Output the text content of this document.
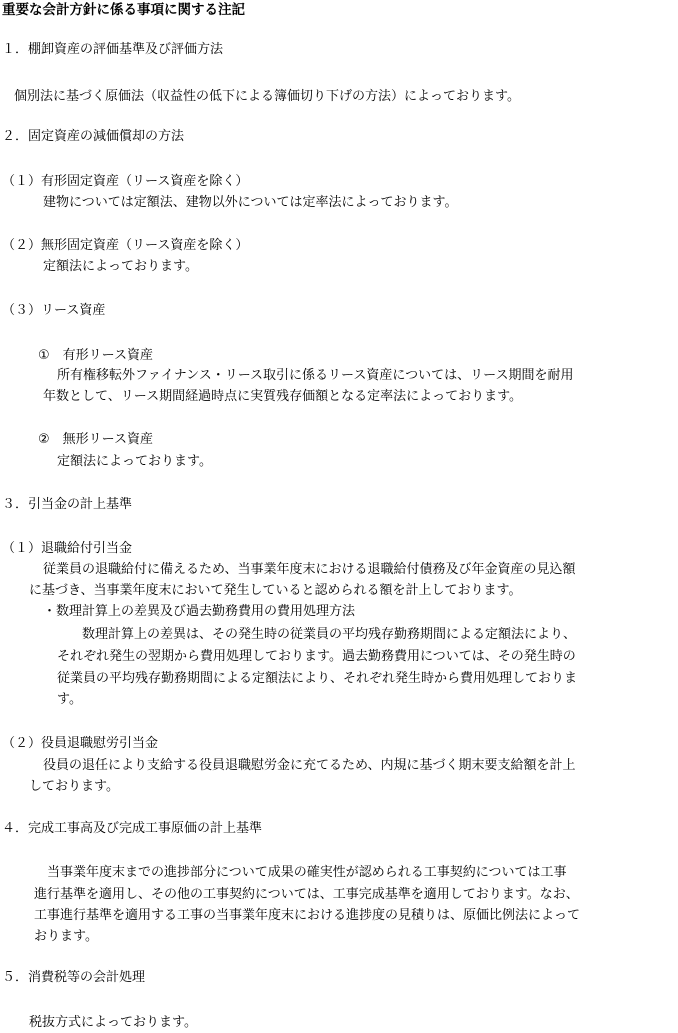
重要な会計方針に係る事項に関する注記

１．棚卸資産の評価基準及び評価方法

個別法に基づく原価法（収益性の低下による簿価切り下げの方法）によっております。

２．固定資産の減価償却の方法

（１）有形固定資産（リース資産を除く）

建物については定額法、建物以外については定率法によっております。

（２）無形固定資産（リース資産を除く）

定額法によっております。

（３）リース資産

①　有形リース資産

所有権移転外ファイナンス・リース取引に係るリース資産については、リース期間を耐用

年数として、リース期間経過時点に実質残存価額となる定率法によっております。

②　無形リース資産

定額法によっております。

３．引当金の計上基準

（１）退職給付引当金

従業員の退職給付に備えるため、当事業年度末における退職給付債務及び年金資産の見込額

に基づき、当事業年度末において発生していると認められる額を計上しております。

・数理計算上の差異及び過去勤務費用の費用処理方法

数理計算上の差異は、その発生時の従業員の平均残存勤務期間による定額法により、

それぞれ発生の翌期から費用処理しております。過去勤務費用については、その発生時の

従業員の平均残存勤務期間による定額法により、それぞれ発生時から費用処理しておりま

す。

（２）役員退職慰労引当金

役員の退任により支給する役員退職慰労金に充てるため、内規に基づく期末要支給額を計上

しております。

４．完成工事高及び完成工事原価の計上基準

当事業年度末までの進捗部分について成果の確実性が認められる工事契約については工事

進行基準を適用し、その他の工事契約については、工事完成基準を適用しております。なお、

工事進行基準を適用する工事の当事業年度末における進捗度の見積りは、原価比例法によって

おります。

５．消費税等の会計処理

税抜方式によっております。
